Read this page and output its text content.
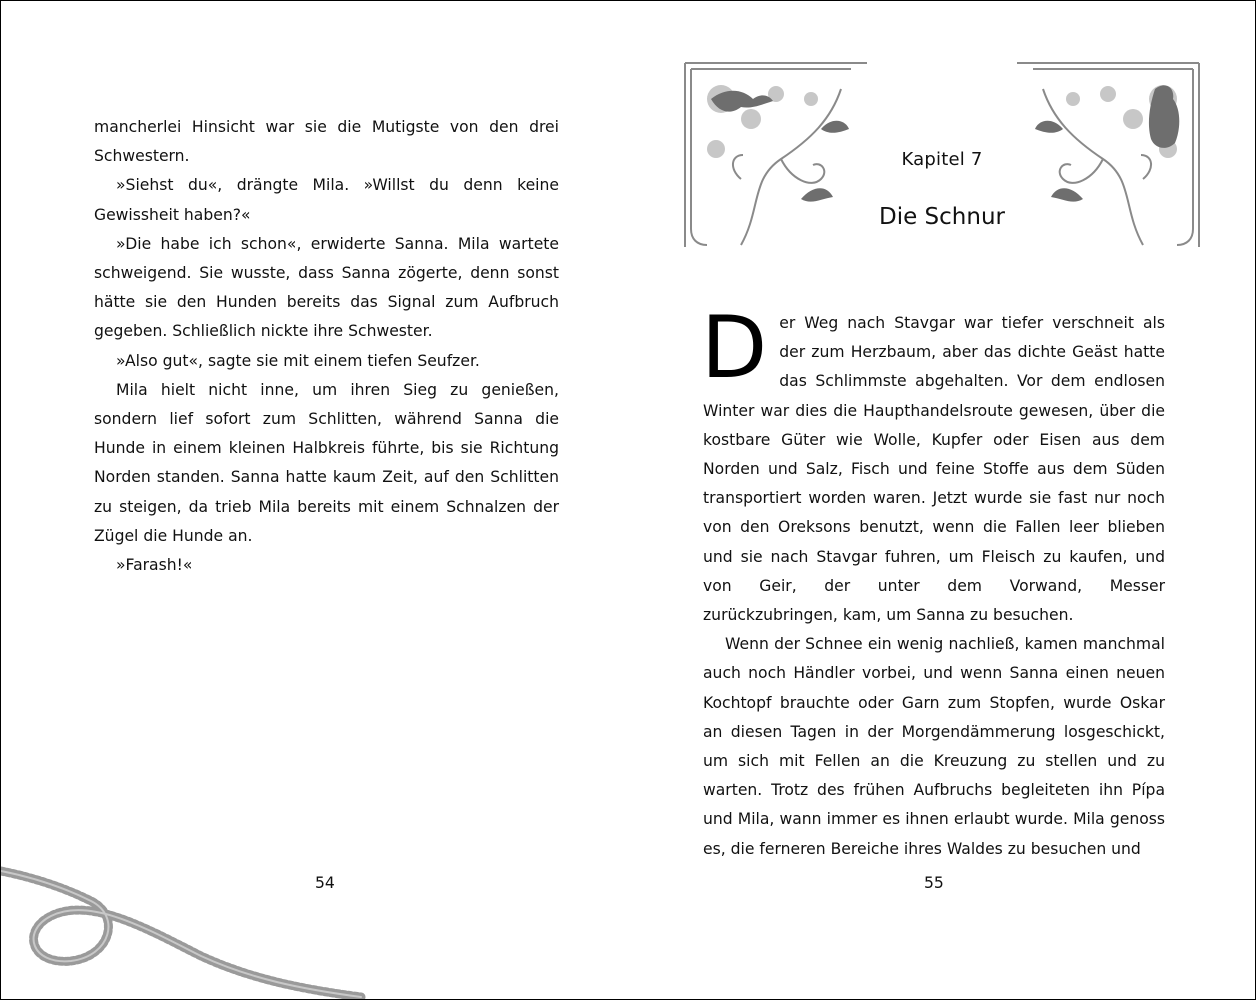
mancherlei Hinsicht war sie die Mutigste von den drei Schwestern.

»Siehst du«, drängte Mila. »Willst du denn keine Gewissheit haben?«

»Die habe ich schon«, erwiderte Sanna. Mila wartete schweigend. Sie wusste, dass Sanna zögerte, denn sonst hätte sie den Hunden bereits das Signal zum Aufbruch gegeben. Schließlich nickte ihre Schwester.

»Also gut«, sagte sie mit einem tiefen Seufzer.

Mila hielt nicht inne, um ihren Sieg zu genießen, sondern lief sofort zum Schlitten, während Sanna die Hunde in einem kleinen Halbkreis führte, bis sie Richtung Norden standen. Sanna hatte kaum Zeit, auf den Schlitten zu steigen, da trieb Mila bereits mit einem Schnalzen der Zügel die Hunde an.

»Farash!«

54
Kapitel 7
Die Schnur

Der Weg nach Stavgar war tiefer verschneit als der zum Herzbaum, aber das dichte Geäst hatte das Schlimmste abgehalten. Vor dem endlosen Winter war dies die Haupthandelsroute gewesen, über die kostbare Güter wie Wolle, Kupfer oder Eisen aus dem Norden und Salz, Fisch und feine Stoffe aus dem Süden transportiert worden waren. Jetzt wurde sie fast nur noch von den Oreksons benutzt, wenn die Fallen leer blieben und sie nach Stavgar fuhren, um Fleisch zu kaufen, und von Geir, der unter dem Vorwand, Messer zurückzubringen, kam, um Sanna zu besuchen.

Wenn der Schnee ein wenig nachließ, kamen manchmal auch noch Händler vorbei, und wenn Sanna einen neuen Kochtopf brauchte oder Garn zum Stopfen, wurde Oskar an diesen Tagen in der Morgendämmerung losgeschickt, um sich mit Fellen an die Kreuzung zu stellen und zu warten. Trotz des frühen Aufbruchs begleiteten ihn Pípa und Mila, wann immer es ihnen erlaubt wurde. Mila genoss es, die ferneren Bereiche ihres Waldes zu besuchen und

55
